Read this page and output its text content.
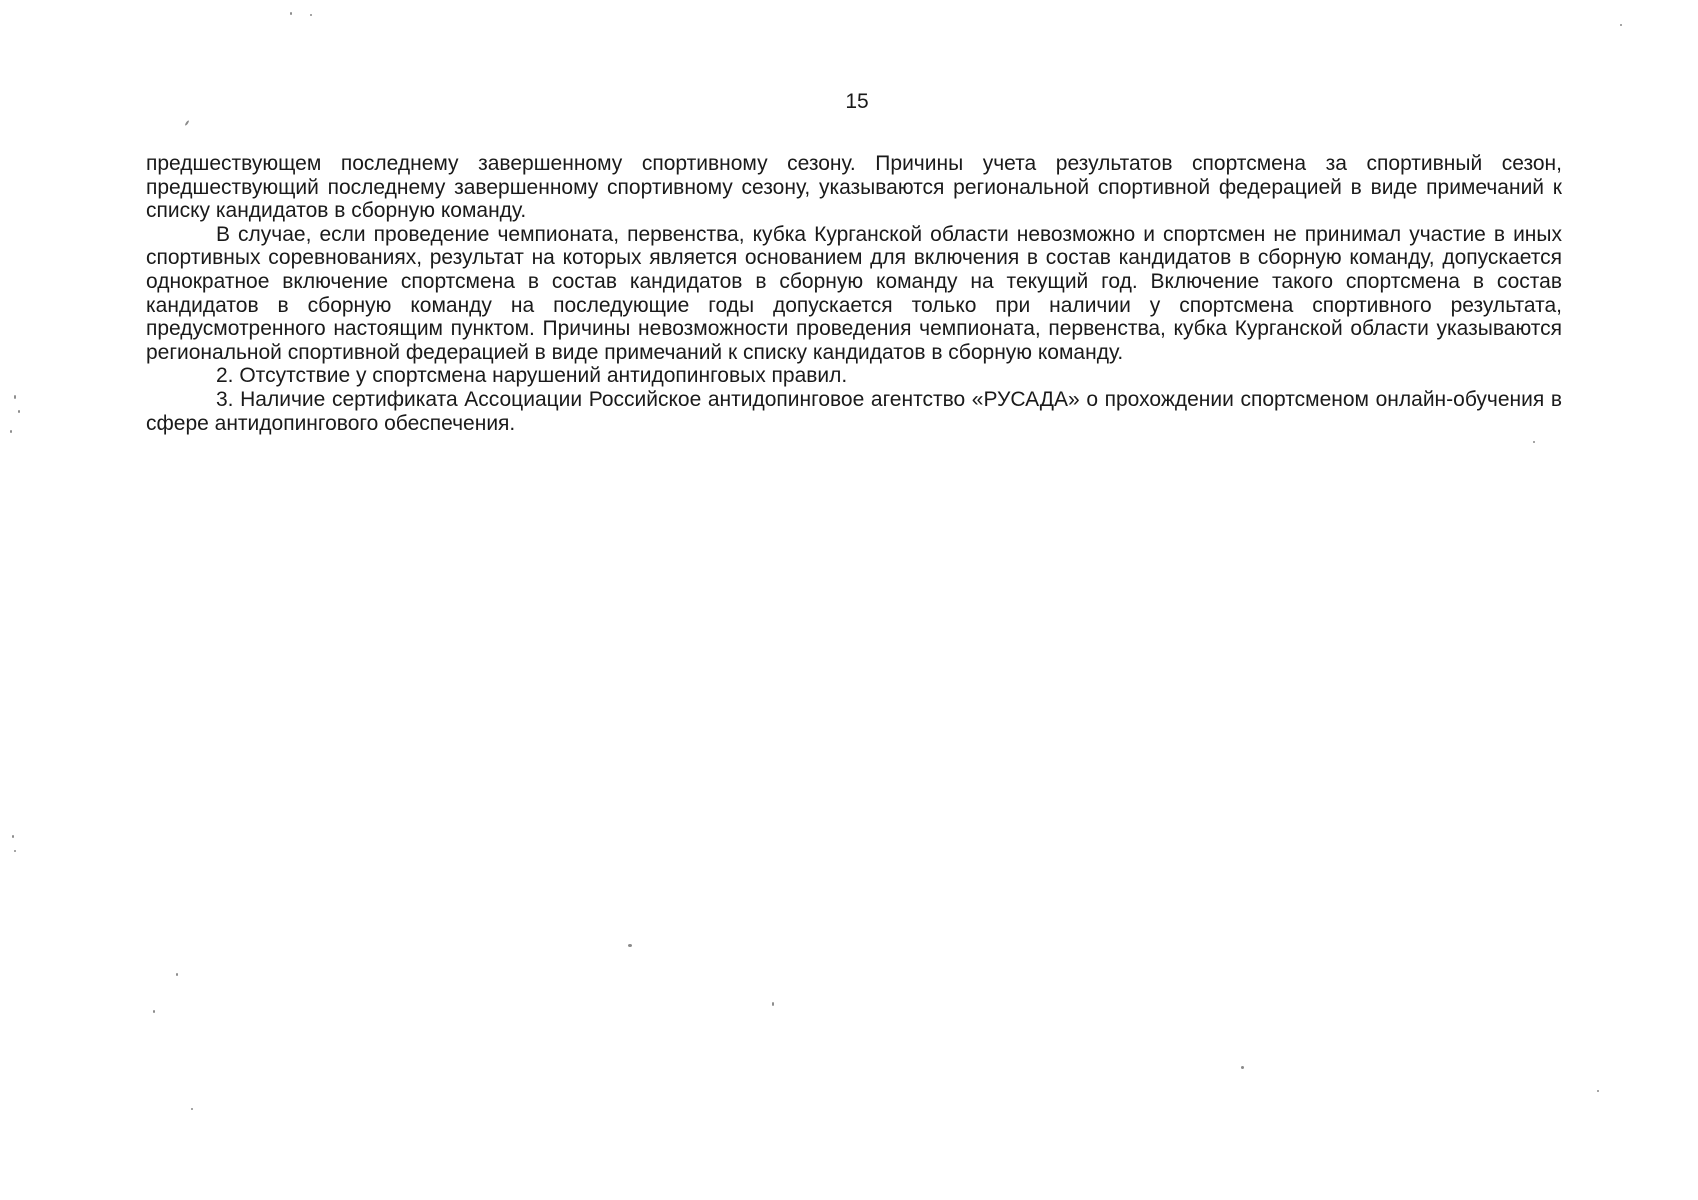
15

предшествующем последнему завершенному спортивному сезону. Причины учета результатов спортсмена за спортивный сезон, предшествующий последнему завершенному спортивному сезону, указываются региональной спортивной федерацией в виде примечаний к списку кандидатов в сборную команду.

В случае, если проведение чемпионата, первенства, кубка Курганской области невозможно и спортсмен не принимал участие в иных спортивных соревнованиях, результат на которых является основанием для включения в состав кандидатов в сборную команду, допускается однократное включение спортсмена в состав кандидатов в сборную команду на текущий год. Включение такого спортсмена в состав кандидатов в сборную команду на последующие годы допускается только при наличии у спортсмена спортивного результата, предусмотренного настоящим пунктом. Причины невозможности проведения чемпионата, первенства, кубка Курганской области указываются региональной спортивной федерацией в виде примечаний к списку кандидатов в сборную команду.

2. Отсутствие у спортсмена нарушений антидопинговых правил.

3. Наличие сертификата Ассоциации Российское антидопинговое агентство «РУСАДА» о прохождении спортсменом онлайн-обучения в сфере антидопингового обеспечения.
